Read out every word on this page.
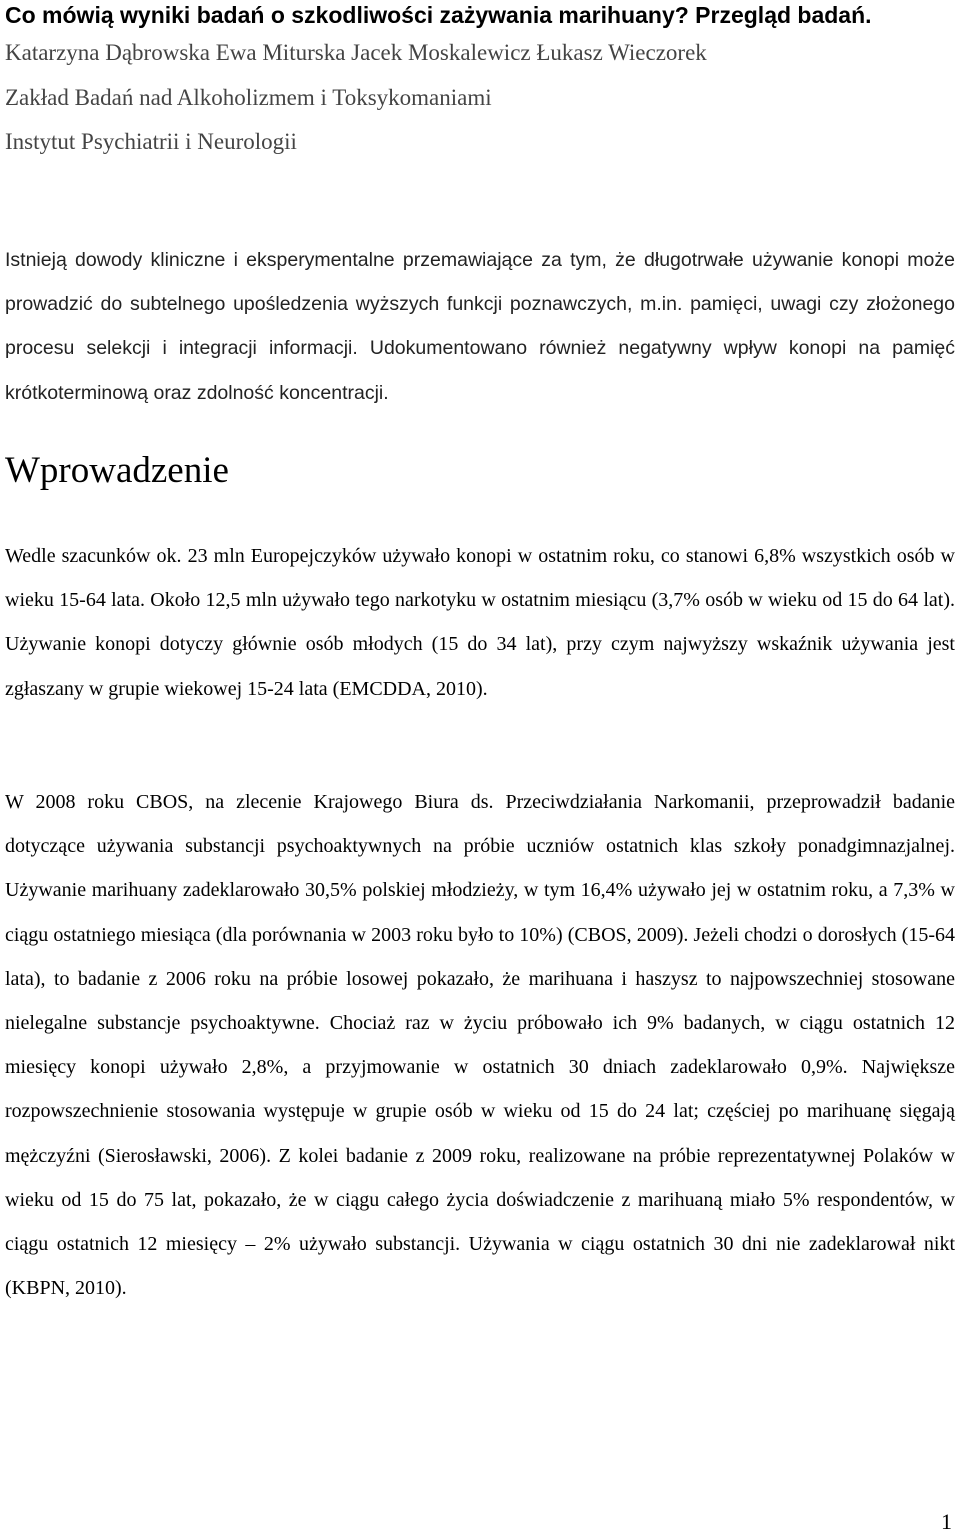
Co mówią wyniki badań o szkodliwości zażywania marihuany? Przegląd badań.
Katarzyna Dąbrowska Ewa Miturska Jacek Moskalewicz Łukasz Wieczorek
Zakład Badań nad Alkoholizmem i Toksykomaniami
Instytut Psychiatrii i Neurologii

Istnieją dowody kliniczne i eksperymentalne przemawiające za tym, że długotrwałe używanie konopi może prowadzić do subtelnego upośledzenia wyższych funkcji poznawczych, m.in. pamięci, uwagi czy złożonego procesu selekcji i integracji informacji. Udokumentowano również negatywny wpływ konopi na pamięć krótkoterminową oraz zdolność koncentracji.

Wprowadzenie

Wedle szacunków ok. 23 mln Europejczyków używało konopi w ostatnim roku, co stanowi 6,8% wszystkich osób w wieku 15-64 lata. Około 12,5 mln używało tego narkotyku w ostatnim miesiącu (3,7% osób w wieku od 15 do 64 lat). Używanie konopi dotyczy głównie osób młodych (15 do 34 lat), przy czym najwyższy wskaźnik używania jest zgłaszany w grupie wiekowej 15-24 lata (EMCDDA, 2010).

W 2008 roku CBOS, na zlecenie Krajowego Biura ds. Przeciwdziałania Narkomanii, przeprowadził badanie dotyczące używania substancji psychoaktywnych na próbie uczniów ostatnich klas szkoły ponadgimnazjalnej. Używanie marihuany zadeklarowało 30,5% polskiej młodzieży, w tym 16,4% używało jej w ostatnim roku, a 7,3% w ciągu ostatniego miesiąca (dla porównania w 2003 roku było to 10%) (CBOS, 2009). Jeżeli chodzi o dorosłych (15-64 lata), to badanie z 2006 roku na próbie losowej pokazało, że marihuana i haszysz to najpowszechniej stosowane nielegalne substancje psychoaktywne. Chociaż raz w życiu próbowało ich 9% badanych, w ciągu ostatnich 12 miesięcy konopi używało 2,8%, a przyjmowanie w ostatnich 30 dniach zadeklarowało 0,9%. Największe rozpowszechnienie stosowania występuje w grupie osób w wieku od 15 do 24 lat; częściej po marihuanę sięgają mężczyźni (Sierosławski, 2006). Z kolei badanie z 2009 roku, realizowane na próbie reprezentatywnej Polaków w wieku od 15 do 75 lat, pokazało, że w ciągu całego życia doświadczenie z marihuaną miało 5% respondentów, w ciągu ostatnich 12 miesięcy – 2% używało substancji. Używania w ciągu ostatnich 30 dni nie zadeklarował nikt (KBPN, 2010).

1
